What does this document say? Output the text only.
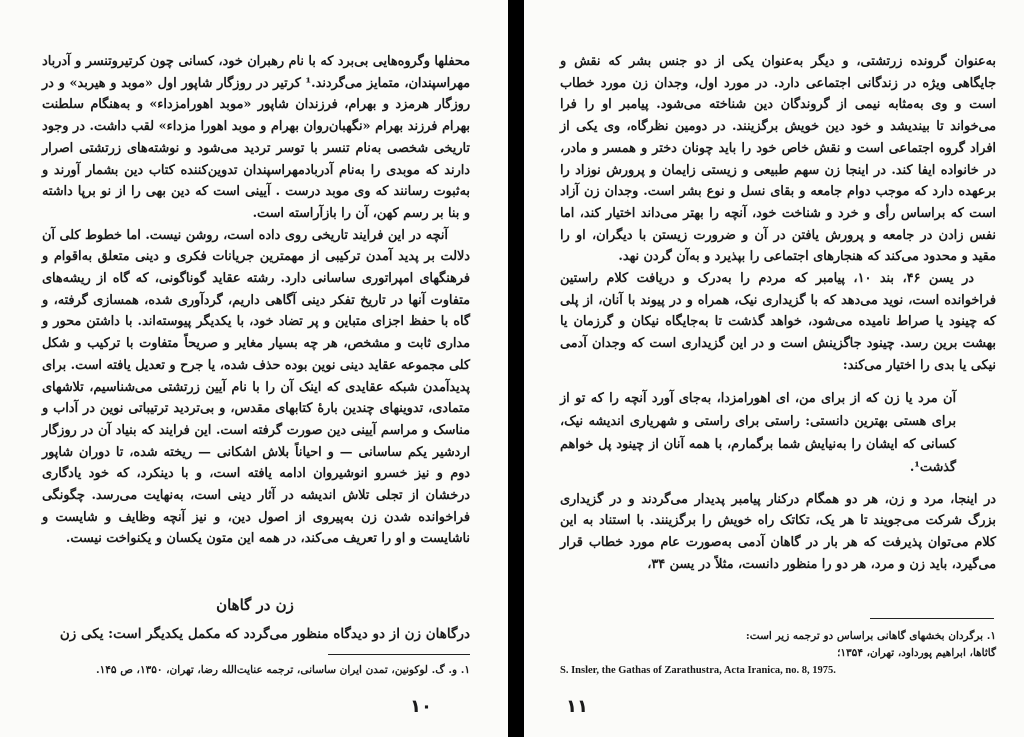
محفلها وگروه‌هایی بی‌برد که با نام رهبران خود، کسانی چون کرتیروتنسر و آدرباد مهراسپندان، متمایز می‌گردند.¹ کرتیر در روزگار شاپور اول «موبد و هیربد» و در روزگار هرمزد و بهرام، فرزندان شاپور «موبد اهورامزداء» و به‌هنگام سلطنت بهرام فرزند بهرام «نگهبان‌روان بهرام و موبد اهورا مزداء» لقب داشت. در وجود تاریخی شخصی به‌نام تنسر با توسر تردید می‌شود و نوشته‌های زرتشتی اصرار دارند که موبدی را به‌نام آدربادمهراسپندان تدوین‌کننده کتاب دین بشمار آورند و به‌ثبوت رسانند که وی موبد درست . آیینی است که دین بهی را از نو برپا داشته و بنا بر رسم کهن، آن را بازآراسته است.

آنچه در این فرایند تاریخی روی داده است، روشن نیست. اما خطوط کلی آن دلالت بر پدید آمدن ترکیبی از مهمترین جریانات فکری و دینی متعلق به‌اقوام و فرهنگهای امپراتوری ساسانی دارد. رشته عقاید گوناگونی، که گاه از ریشه‌های متفاوت آنها در تاریخ تفکر دینی آگاهی داریم، گردآوری شده، همسازی گرفته، و گاه با حفظ اجزای متباین و پر تضاد خود، با یکدیگر پیوسته‌اند. با داشتن محور و مداری ثابت و مشخص، هر چه بسیار مغایر و صریحاً متفاوت با ترکیب و شکل کلی مجموعه عقاید دینی نوین بوده حذف شده، یا جرح و تعدیل یافته است. برای پدیدآمدن شبکه عقایدی که اینک آن را با نام آیین زرتشتی می‌شناسیم، تلاشهای متمادی، تدوینهای چندین بارهٔ کتابهای مقدس، و بی‌تردید ترتیباتی نوین در آداب و مناسک و مراسم آیینی دین صورت گرفته است. این فرایند که بنیاد آن در روزگار اردشیر یکم ساسانی — و احیاناً بلاش اشکانی — ریخته شده، تا دوران شاپور دوم و نیز خسرو انوشیروان ادامه یافته است، و با دینکرد، که خود یادگاری درخشان از تجلی تلاش اندیشه در آثار دینی است، به‌نهایت می‌رسد. چگونگی فراخوانده شدن زن به‌پیروی از اصول دین، و نیز آنچه وظایف و شایست و ناشایست و او را تعریف می‌کند، در همه این متون یکسان و یکنواخت نیست.

زن در گاهان
درگاهان زن از دو دیدگاه منظور می‌گردد که مکمل یکدیگر است: یکی زن
۱. و. گ. لوکونین، تمدن ایران ساسانی، ترجمه عنایت‌الله رضا، تهران، ۱۳۵۰، ص ۱۴۵.
۱۰

به‌عنوان گرونده زرتشتی، و دیگر به‌عنوان یکی از دو جنس بشر که نقش و جایگاهی ویژه در زندگانی اجتماعی دارد. در مورد اول، وجدان زن مورد خطاب است و وی به‌مثابه نیمی از گروندگان دین شناخته می‌شود. پیامبر او را فرا می‌خواند تا بیندیشد و خود دین خویش برگزینند. در دومین نظرگاه، وی یکی از افراد گروه اجتماعی است و نقش خاص خود را باید چونان دختر و همسر و مادر، در خانواده ایفا کند. در اینجا زن سهم طبیعی و زیستی زایمان و پرورش نوزاد را برعهده دارد که موجب دوام جامعه و بقای نسل و نوع بشر است. وجدان زن آزاد است که براساس رأی و خرد و شناخت خود، آنچه را بهتر می‌داند اختیار کند، اما نفس زادن در جامعه و پرورش یافتن در آن و ضرورت زیستن با دیگران، او را مقید و محدود می‌کند که هنجارهای اجتماعی را بپذیرد و به‌آن گردن نهد.

در یسن ۴۶، بند ۱۰، پیامبر که مردم را به‌درک و دریافت کلام راستین فراخوانده است، نوید می‌دهد که با گزیداری نیک، همراه و در پیوند با آنان، از پلی که چینود یا صراط نامیده می‌شود، خواهد گذشت تا به‌جایگاه نیکان و گرزمان یا بهشت برین رسد. چینود جاگزینش است و در این گزیداری است که وجدان آدمی نیکی یا بدی را اختیار می‌کند:

آن مرد یا زن که از برای من، ای اهورامزدا، به‌جای آورد آنچه را که تو از برای هستی بهترین دانستی: راستی برای راستی و شهریاری اندیشه نیک، کسانی که ایشان را به‌نیایش شما برگمارم، با همه آنان از چینود پل خواهم گذشت¹.

در اینجا، مرد و زن، هر دو همگام درکنار پیامبر پدیدار می‌گردند و در گزیداری بزرگ شرکت می‌جویند تا هر یک، تکاتک راه خویش را برگزینند. با استناد به این کلام می‌توان پذیرفت که هر بار در گاهان آدمی به‌صورت عام مورد خطاب قرار می‌گیرد، باید زن و مرد، هر دو را منظور دانست، مثلاً در یسن ۳۴،

۱. برگردان بخشهای گاهانی براساس دو ترجمه زیر است:
گاثاها، ابراهیم پورداود، تهران، ۱۳۵۴؛
S. Insler, the Gathas of Zarathustra, Acta Iranica, no. 8, 1975.
۱۱
